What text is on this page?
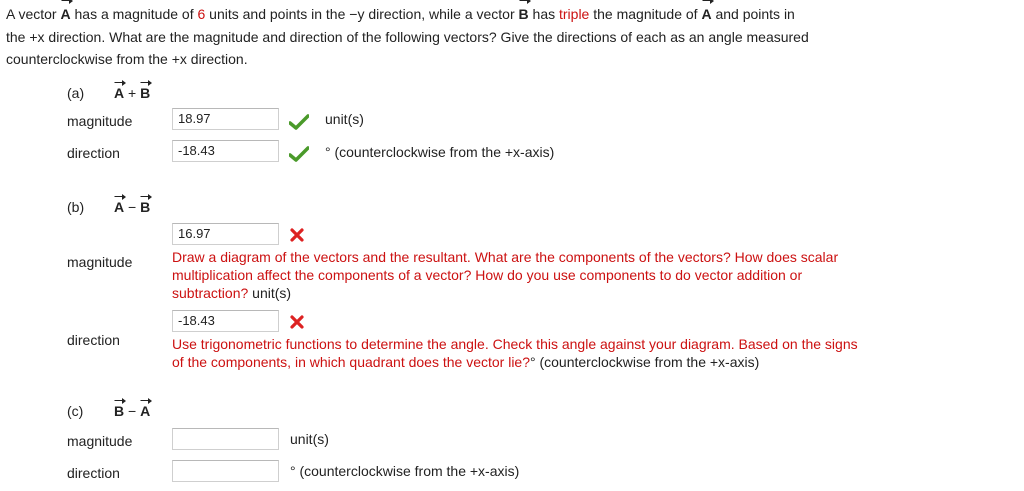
A vector A has a magnitude of 6 units and points in the −y direction, while a vector B has triple the magnitude of A and points in
the +x direction. What are the magnitude and direction of the following vectors? Give the directions of each as an angle measured
counterclockwise from the +x direction.
(a) A + B
magnitude	18.97	unit(s)
direction	-18.43	° (counterclockwise from the +x-axis)
(b) A − B
16.97
magnitude	Draw a diagram of the vectors and the resultant. What are the components of the vectors? How does scalar
multiplication affect the components of a vector? How do you use components to do vector addition or
subtraction? unit(s)
-18.43
direction	Use trigonometric functions to determine the angle. Check this angle against your diagram. Based on the signs
of the components, in which quadrant does the vector lie?° (counterclockwise from the +x-axis)
(c) B − A
magnitude	unit(s)
direction	° (counterclockwise from the +x-axis)
